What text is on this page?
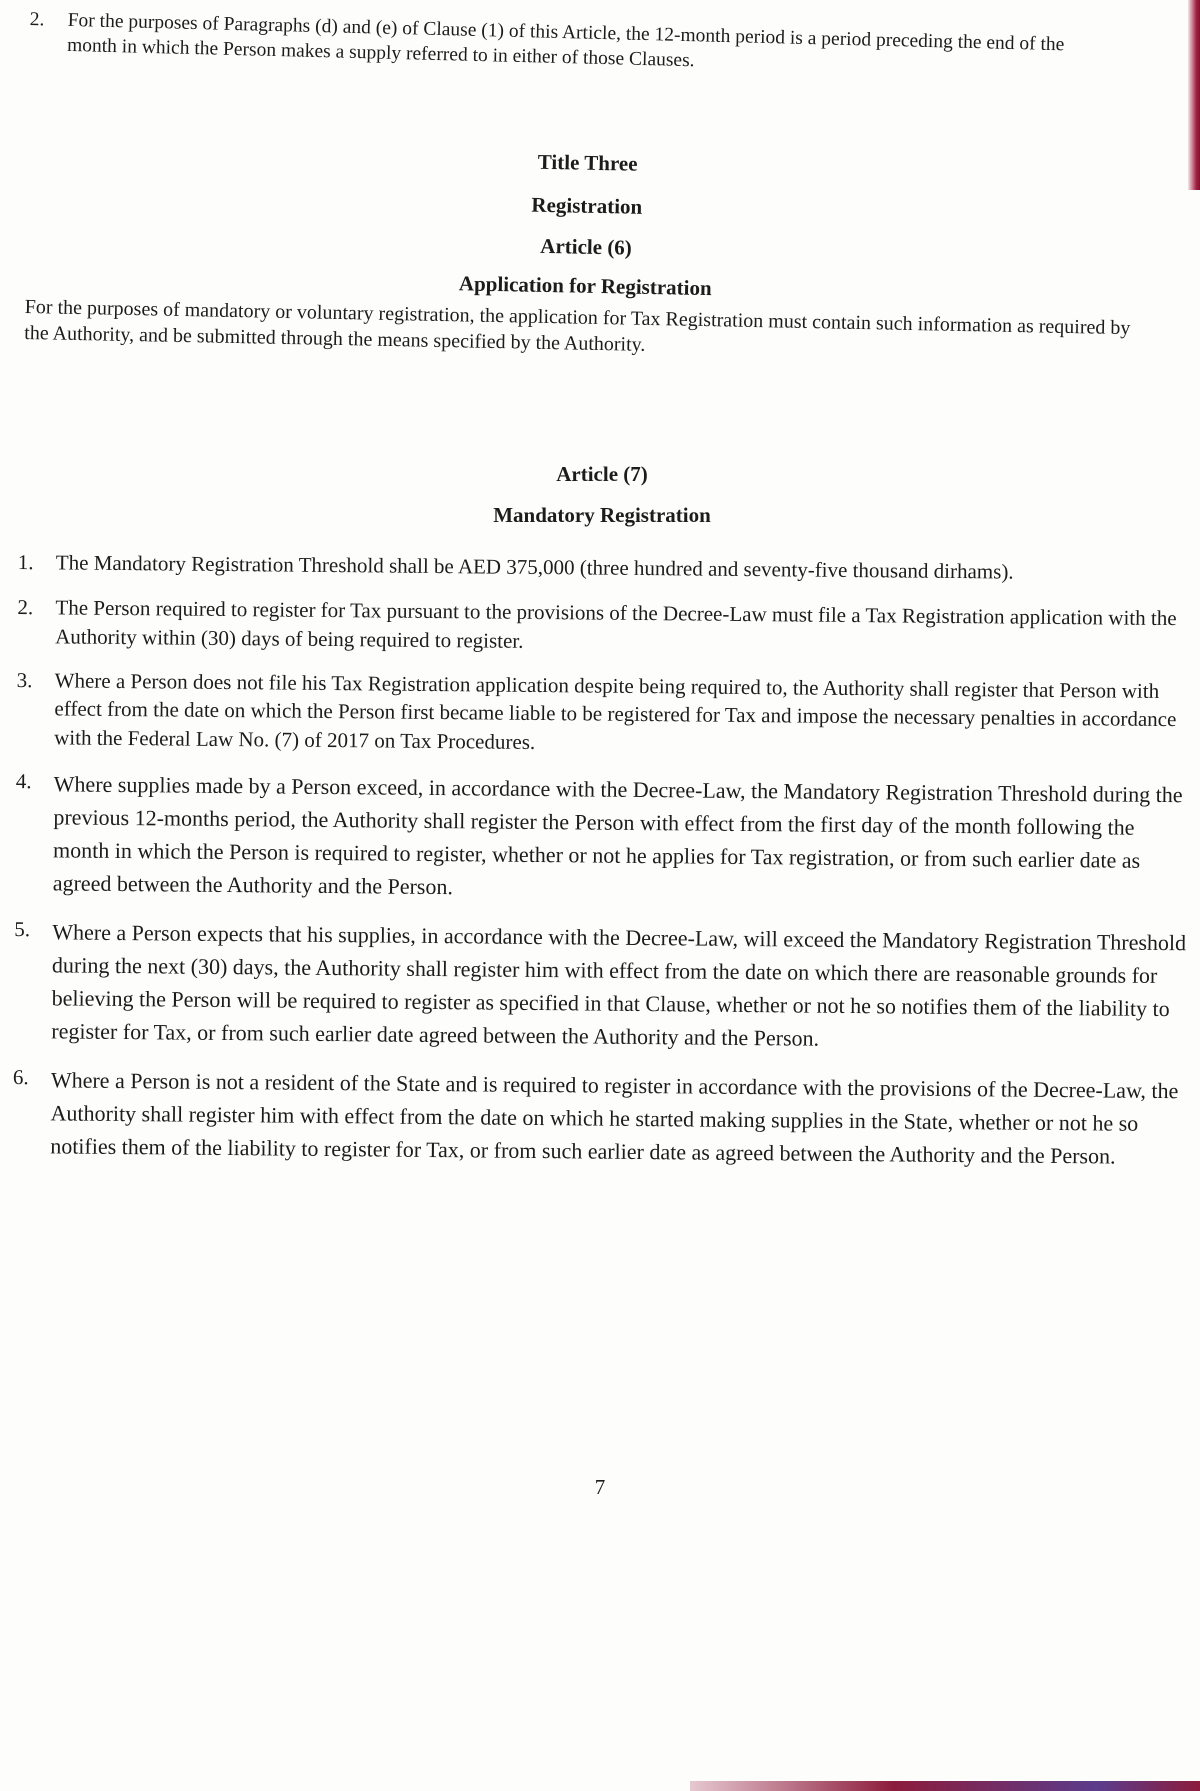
2.	For the purposes of Paragraphs (d) and (e) of Clause (1) of this Article, the 12-month period is a period preceding the end of the month in which the Person makes a supply referred to in either of those Clauses.

Title Three

Registration

Article (6)

Application for Registration

For the purposes of mandatory or voluntary registration, the application for Tax Registration must contain such information as required by the Authority, and be submitted through the means specified by the Authority.

Article (7)

Mandatory Registration

1.	The Mandatory Registration Threshold shall be AED 375,000 (three hundred and seventy-five thousand dirhams).
2.	The Person required to register for Tax pursuant to the provisions of the Decree-Law must file a Tax Registration application with the Authority within (30) days of being required to register.
3.	Where a Person does not file his Tax Registration application despite being required to, the Authority shall register that Person with effect from the date on which the Person first became liable to be registered for Tax and impose the necessary penalties in accordance with the Federal Law No. (7) of 2017 on Tax Procedures.
4. Where supplies made by a Person exceed, in accordance with the Decree-Law, the Mandatory Registration Threshold during the previous 12-months period, the Authority shall register the Person with effect from the first day of the month following the month in which the Person is required to register, whether or not he applies for Tax registration, or from such earlier date as agreed between the Authority and the Person.
5. Where a Person expects that his supplies, in accordance with the Decree-Law, will exceed the Mandatory Registration Threshold during the next (30) days, the Authority shall register him with effect from the date on which there are reasonable grounds for believing the Person will be required to register as specified in that Clause, whether or not he so notifies them of the liability to register for Tax, or from such earlier date agreed between the Authority and the Person.
6. Where a Person is not a resident of the State and is required to register in accordance with the provisions of the Decree-Law, the Authority shall register him with effect from the date on which he started making supplies in the State, whether or not he so notifies them of the liability to register for Tax, or from such earlier date as agreed between the Authority and the Person.
7
